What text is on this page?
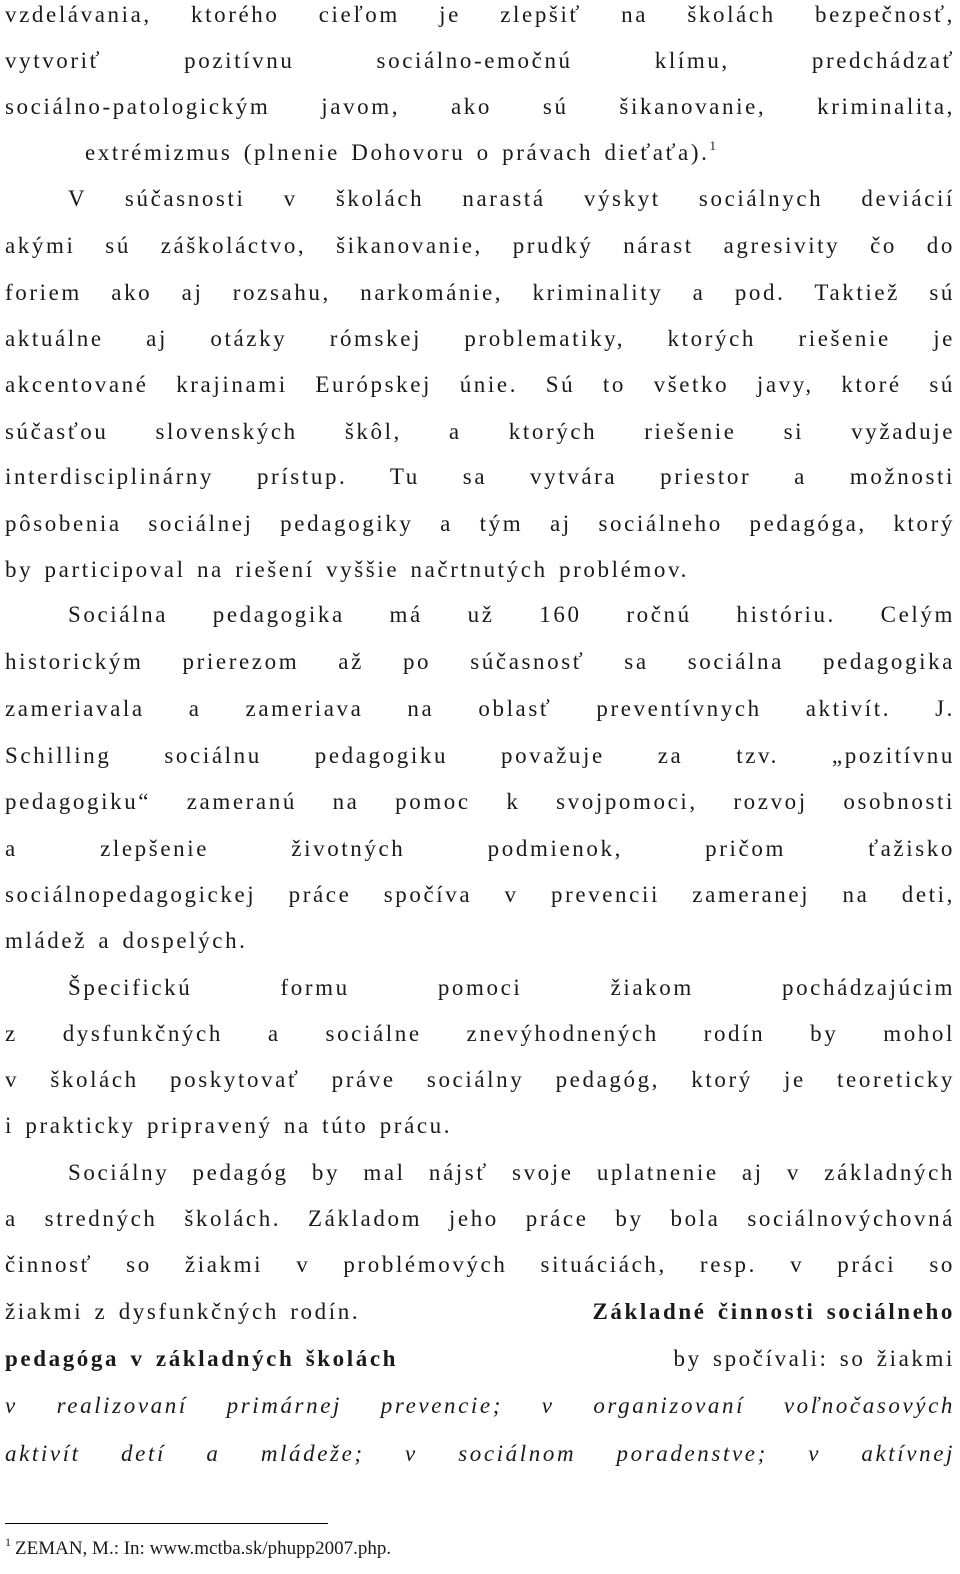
vzdelávania, ktorého cieľom je zlepšiť na školách bezpečnosť,
vytvoriť pozitívnu sociálno-emočnú klímu, predchádzať
sociálno-patologickým javom, ako sú šikanovanie, kriminalita,
extrémizmus (plnenie Dohovoru o právach dieťaťa).$^1$
V súčasnosti v školách narastá výskyt sociálnych deviácií
akými sú záškoláctvo, šikanovanie, prudký nárast agresivity čo do
foriem ako aj rozsahu, narkománie, kriminality a pod. Taktiež sú
aktuálne aj otázky rómskej problematiky, ktorých riešenie je
akcentované krajinami Európskej únie. Sú to všetko javy, ktoré sú
súčasťou slovenských škôl, a ktorých riešenie si vyžaduje
interdisciplinárny prístup. Tu sa vytvára priestor a možnosti
pôsobenia sociálnej pedagogiky a tým aj sociálneho pedagóga, ktorý
by participoval na riešení vyššie načrtnutých problémov.
Sociálna pedagogika má už 160 ročnú históriu. Celým
historickým prierezom až po súčasnosť sa sociálna pedagogika
zameriavala a zameriava na oblasť preventívnych aktivít. J.
Schilling sociálnu pedagogiku považuje za tzv. „pozitívnu
pedagogiku“ zameranú na pomoc k svojpomoci, rozvoj osobnosti
a zlepšenie životných podmienok, pričom ťažisko
sociálnopedagogickej práce spočíva v prevencii zameranej na deti,
mládež a dospelých.
Špecifickú formu pomoci žiakom pochádzajúcim
z dysfunkčných a sociálne znevýhodnených rodín by mohol
v školách poskytovať práve sociálny pedagóg, ktorý je teoreticky
i prakticky pripravený na túto prácu.
Sociálny pedagóg by mal nájsť svoje uplatnenie aj v základných
a stredných školách. Základom jeho práce by bola sociálnovýchovná
činnosť so žiakmi v problémových situáciách, resp. v práci so
žiakmi z dysfunkčných rodín.	Základné činnosti sociálneho
pedagóga v základných školách	by spočívali: so žiakmi
v realizovaní primárnej prevencie; v organizovaní voľnočasových
aktivít detí a mládeže; v sociálnom poradenstve; v aktívnej
$^1$ ZEMAN, M.: In: www.mctba.sk/phupp2007.php.
